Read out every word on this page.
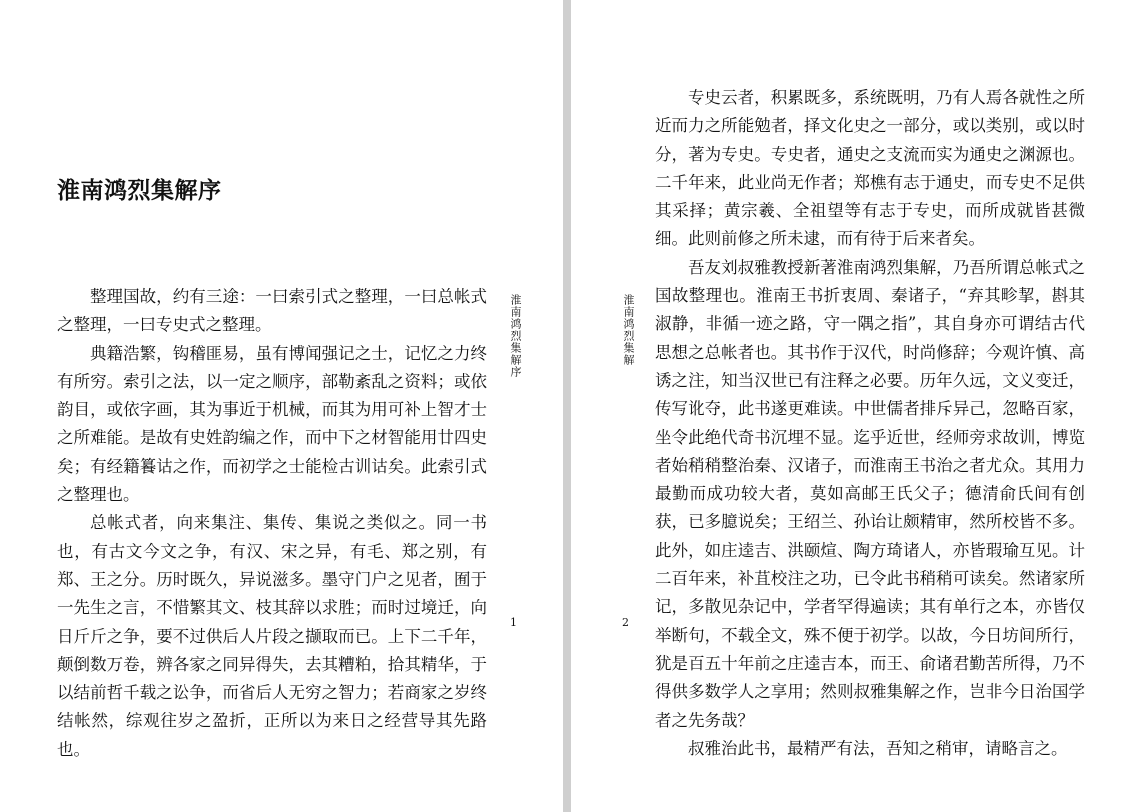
淮南鸿烈集解序
淮南鸿烈集解序
1

整理国故，约有三途：一曰索引式之整理，一曰总帐式之整理，一曰专史式之整理。

典籍浩繁，钩稽匪易，虽有博闻强记之士，记忆之力终有所穷。索引之法，以一定之顺序，部勒紊乱之资料；或依韵目，或依字画，其为事近于机械，而其为用可补上智才士之所难能。是故有史姓韵编之作，而中下之材智能用廿四史矣；有经籍籑诂之作，而初学之士能检古训诂矣。此索引式之整理也。

总帐式者，向来集注、集传、集说之类似之。同一书也，有古文今文之争，有汉、宋之异，有毛、郑之别，有郑、王之分。历时既久，异说滋多。墨守门户之见者，囿于一先生之言，不惜繁其文、枝其辞以求胜；而时过境迁，向日斤斤之争，要不过供后人片段之撷取而已。上下二千年，颠倒数万卷，辨各家之同异得失，去其糟粕，拾其精华，于以结前哲千载之讼争，而省后人无穷之智力；若商家之岁终结帐然，综观往岁之盈折，正所以为来日之经营导其先路也。

淮南鸿烈集解
2

专史云者，积累既多，系统既明，乃有人焉各就性之所近而力之所能勉者，择文化史之一部分，或以类别，或以时分，著为专史。专史者，通史之支流而实为通史之渊源也。二千年来，此业尚无作者；郑樵有志于通史，而专史不足供其采择；黄宗羲、全祖望等有志于专史，而所成就皆甚微细。此则前修之所未逮，而有待于后来者矣。

吾友刘叔雅教授新著淮南鸿烈集解，乃吾所谓总帐式之国故整理也。淮南王书折衷周、秦诸子，“弃其畛挈，斟其淑静，非循一迹之路，守一隅之指”，其自身亦可谓结古代思想之总帐者也。其书作于汉代，时尚修辞；今观许慎、高诱之注，知当汉世已有注释之必要。历年久远，文义变迁，传写讹夺，此书遂更难读。中世儒者排斥异己，忽略百家，坐令此绝代奇书沉埋不显。迄乎近世，经师旁求故训，博览者始稍稍整治秦、汉诸子，而淮南王书治之者尤众。其用力最勤而成功较大者，莫如高邮王氏父子；德清俞氏间有创获，已多臆说矣；王绍兰、孙诒让颇精审，然所校皆不多。此外，如庄逵吉、洪颐煊、陶方琦诸人，亦皆瑕瑜互见。计二百年来，补苴校注之功，已令此书稍稍可读矣。然诸家所记，多散见杂记中，学者罕得遍读；其有单行之本，亦皆仅举断句，不载全文，殊不便于初学。以故，今日坊间所行，犹是百五十年前之庄逵吉本，而王、俞诸君勤苦所得，乃不得供多数学人之享用；然则叔雅集解之作，岂非今日治国学者之先务哉？

叔雅治此书，最精严有法，吾知之稍审，请略言之。
